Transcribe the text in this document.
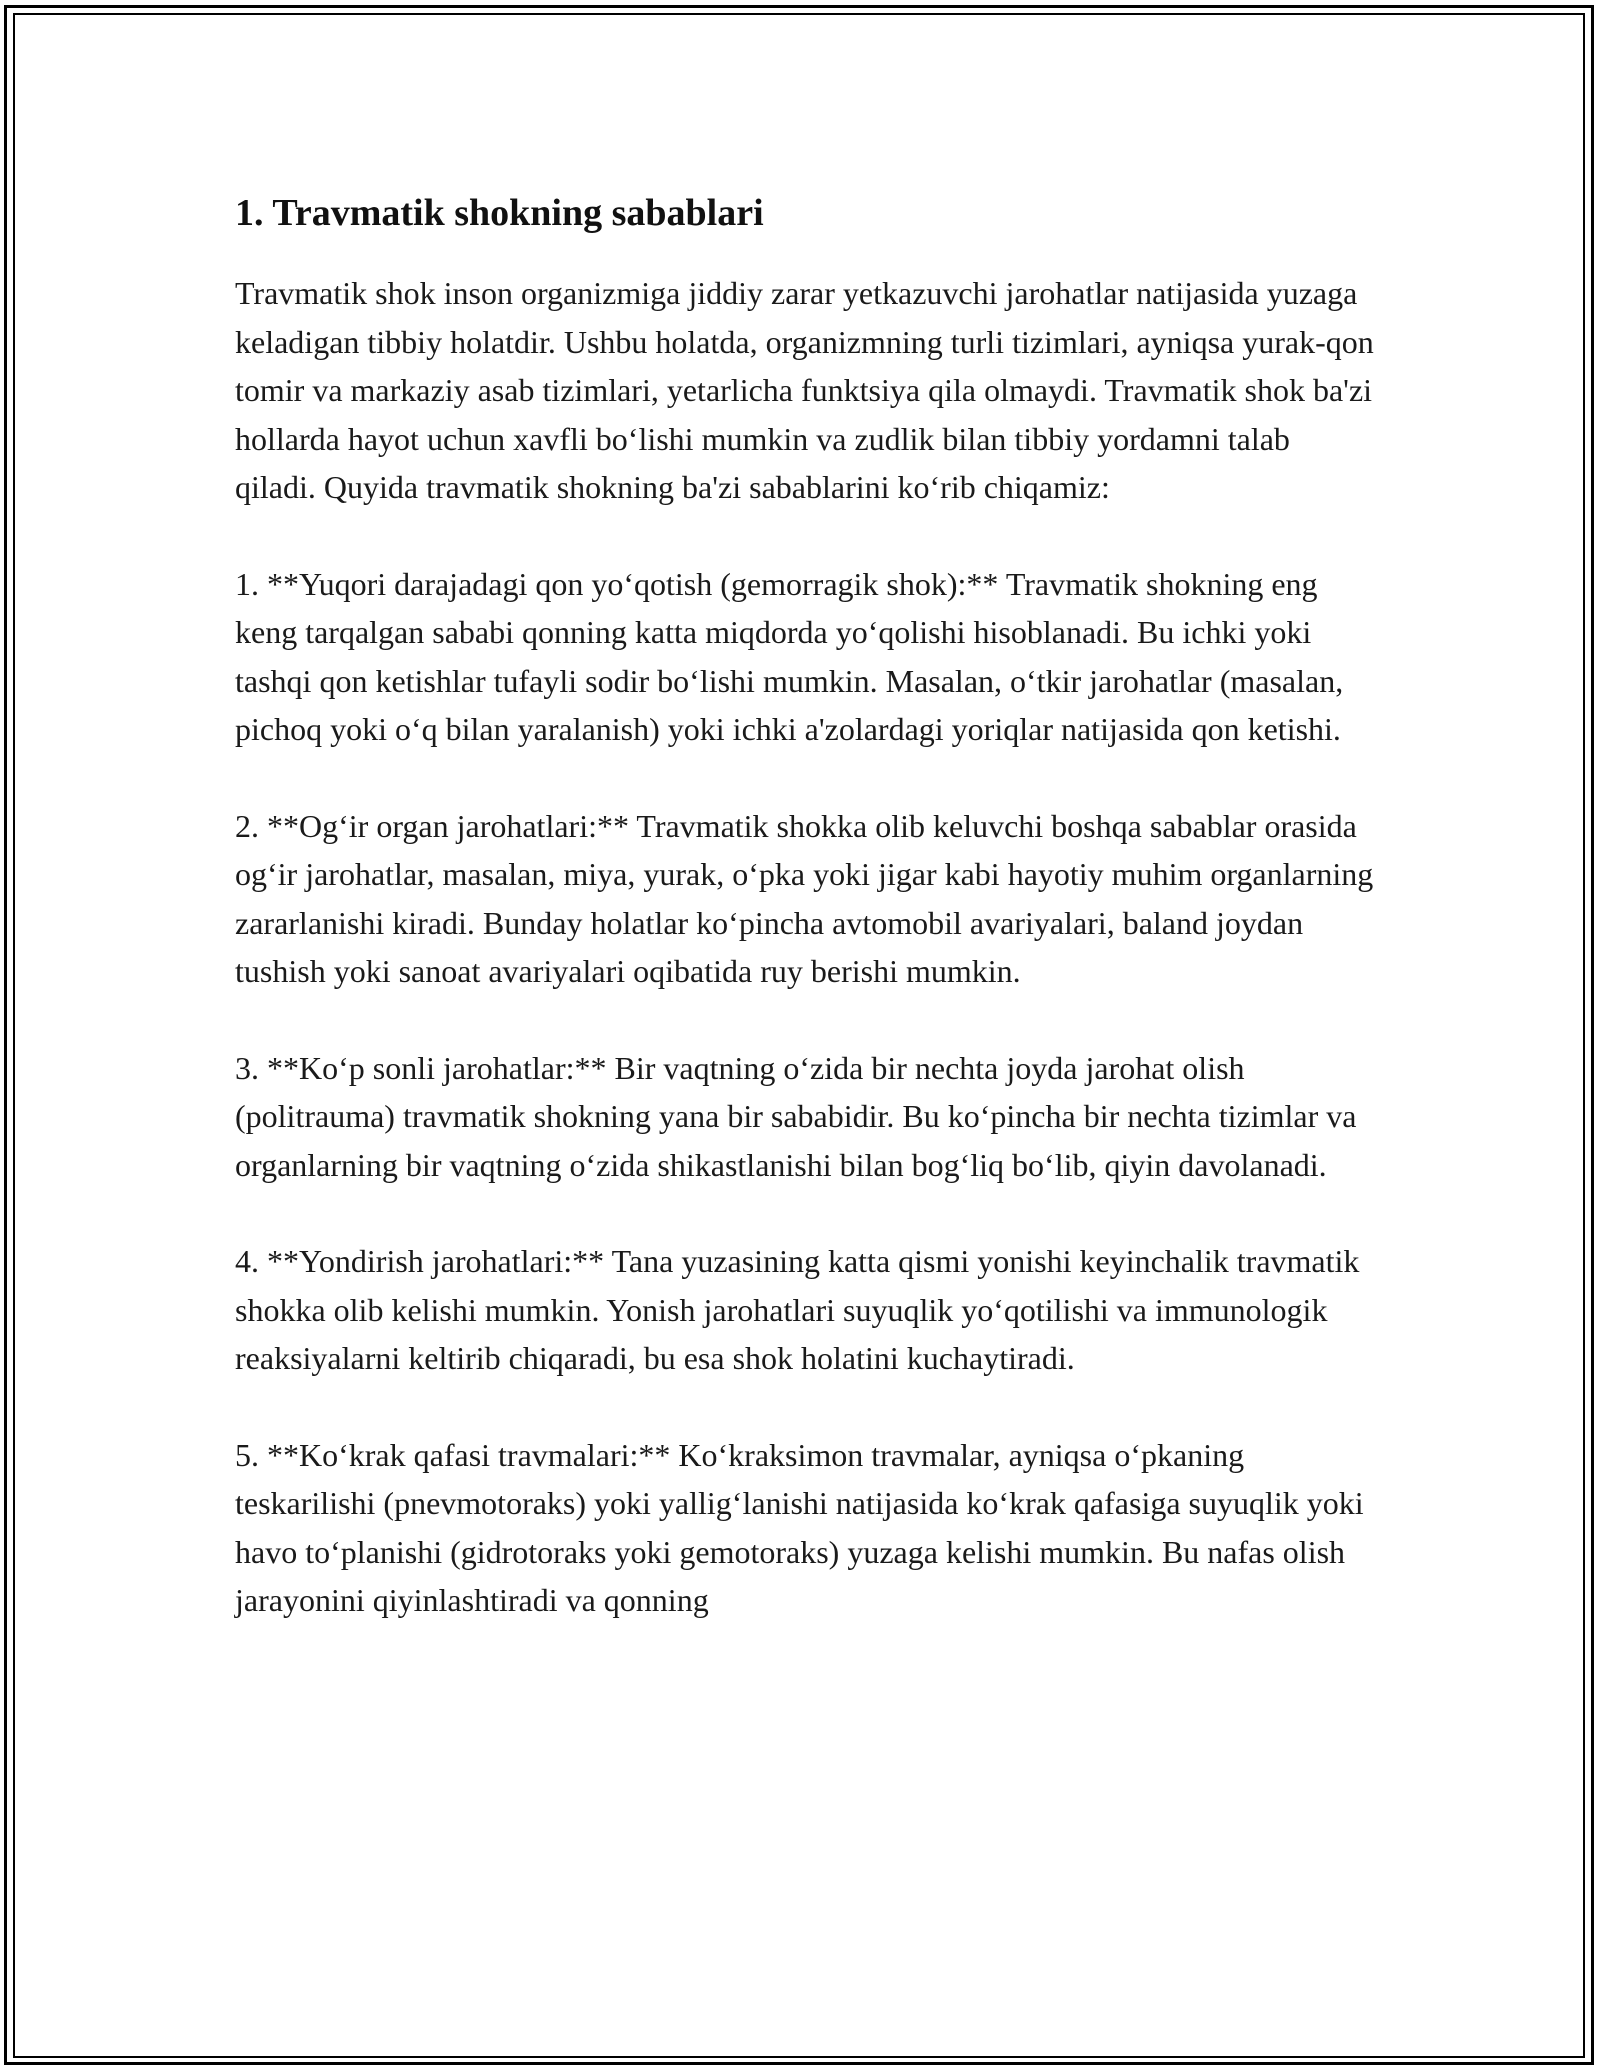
1. Travmatik shokning sabablari

Travmatik shok inson organizmiga jiddiy zarar yetkazuvchi jarohatlar natijasida yuzaga keladigan tibbiy holatdir. Ushbu holatda, organizmning turli tizimlari, ayniqsa yurak-qon tomir va markaziy asab tizimlari, yetarlicha funktsiya qila olmaydi. Travmatik shok ba'zi hollarda hayot uchun xavfli bo‘lishi mumkin va zudlik bilan tibbiy yordamni talab qiladi. Quyida travmatik shokning ba'zi sabablarini ko‘rib chiqamiz:

1. **Yuqori darajadagi qon yo‘qotish (gemorragik shok):** Travmatik shokning eng keng tarqalgan sababi qonning katta miqdorda yo‘qolishi hisoblanadi. Bu ichki yoki tashqi qon ketishlar tufayli sodir bo‘lishi mumkin. Masalan, o‘tkir jarohatlar (masalan, pichoq yoki o‘q bilan yaralanish) yoki ichki a'zolardagi yoriqlar natijasida qon ketishi.

2. **Og‘ir organ jarohatlari:** Travmatik shokka olib keluvchi boshqa sabablar orasida og‘ir jarohatlar, masalan, miya, yurak, o‘pka yoki jigar kabi hayotiy muhim organlarning zararlanishi kiradi. Bunday holatlar ko‘pincha avtomobil avariyalari, baland joydan tushish yoki sanoat avariyalari oqibatida ruy berishi mumkin.

3. **Ko‘p sonli jarohatlar:** Bir vaqtning o‘zida bir nechta joyda jarohat olish (politrauma) travmatik shokning yana bir sababidir. Bu ko‘pincha bir nechta tizimlar va organlarning bir vaqtning o‘zida shikastlanishi bilan bog‘liq bo‘lib, qiyin davolanadi.

4. **Yondirish jarohatlari:** Tana yuzasining katta qismi yonishi keyinchalik travmatik shokka olib kelishi mumkin. Yonish jarohatlari suyuqlik yo‘qotilishi va immunologik reaksiyalarni keltirib chiqaradi, bu esa shok holatini kuchaytiradi.

5. **Ko‘krak qafasi travmalari:** Ko‘kraksimon travmalar, ayniqsa o‘pkaning teskarilishi (pnevmotoraks) yoki yallig‘lanishi natijasida ko‘krak qafasiga suyuqlik yoki havo to‘planishi (gidrotoraks yoki gemotoraks) yuzaga kelishi mumkin. Bu nafas olish jarayonini qiyinlashtiradi va qonning
